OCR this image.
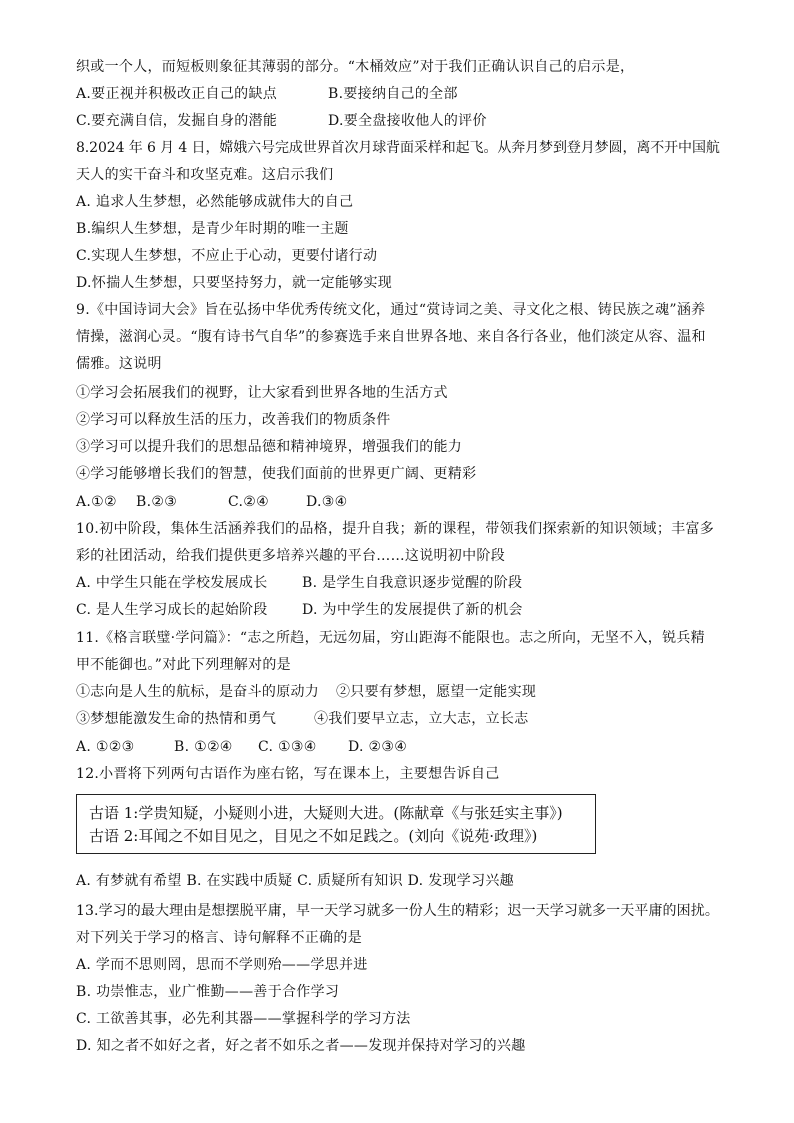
织或一个人，而短板则象征其薄弱的部分。“木桶效应”对于我们正确认识自己的启示是，
A.要正视并积极改正自己的缺点	B.要接纳自己的全部
C.要充满自信，发掘自身的潜能	D.要全盘接收他人的评价
8.2024 年 6 月 4 日，嫦娥六号完成世界首次月球背面采样和起飞。从奔月梦到登月梦圆，离不开中国航
天人的实干奋斗和攻坚克难。这启示我们
A. 追求人生梦想，必然能够成就伟大的自己
B.编织人生梦想，是青少年时期的唯一主题
C.实现人生梦想，不应止于心动，更要付诸行动
D.怀揣人生梦想，只要坚持努力，就一定能够实现
9.《中国诗词大会》旨在弘扬中华优秀传统文化，通过“赏诗词之美、寻文化之根、铸民族之魂”涵养
情操，滋润心灵。“腹有诗书气自华”的参赛选手来自世界各地、来自各行各业，他们淡定从容、温和
儒雅。这说明
①学习会拓展我们的视野，让大家看到世界各地的生活方式
②学习可以释放生活的压力，改善我们的物质条件
③学习可以提升我们的思想品德和精神境界，增强我们的能力
④学习能够增长我们的智慧，使我们面前的世界更广阔、更精彩
A.①② B.②③	C.②④	D.③④
10.初中阶段，集体生活涵养我们的品格，提升自我；新的课程，带领我们探索新的知识领域；丰富多
彩的社团活动，给我们提供更多培养兴趣的平台……这说明初中阶段
A. 中学生只能在学校发展成长 B. 是学生自我意识逐步觉醒的阶段
C. 是人生学习成长的起始阶段 D. 为中学生的发展提供了新的机会
11.《格言联璧·学问篇》：“志之所趋，无远勿届，穷山距海不能限也。志之所向，无坚不入，锐兵精
甲不能御也。”对此下列理解对的是
①志向是人生的航标，是奋斗的原动力 ②只要有梦想，愿望一定能实现
③梦想能激发生命的热情和勇气	④我们要早立志，立大志，立长志
A. ①②③	B. ①②④ C. ①③④ D. ②③④
12.小晋将下列两句古语作为座右铭，写在课本上，主要想告诉自己
古语 1:学贵知疑，小疑则小进，大疑则大进。(陈献章《与张廷实主事》)
古语 2:耳闻之不如目见之，目见之不如足践之。(刘向《说苑·政理》)
A. 有梦就有希望 B. 在实践中质疑 C. 质疑所有知识 D. 发现学习兴趣
13.学习的最大理由是想摆脱平庸，早一天学习就多一份人生的精彩；迟一天学习就多一天平庸的困扰。
对下列关于学习的格言、诗句解释不正确的是
A. 学而不思则罔，思而不学则殆——学思并进
B. 功崇惟志，业广惟勤——善于合作学习
C. 工欲善其事，必先利其器——掌握科学的学习方法
D. 知之者不如好之者，好之者不如乐之者——发现并保持对学习的兴趣
